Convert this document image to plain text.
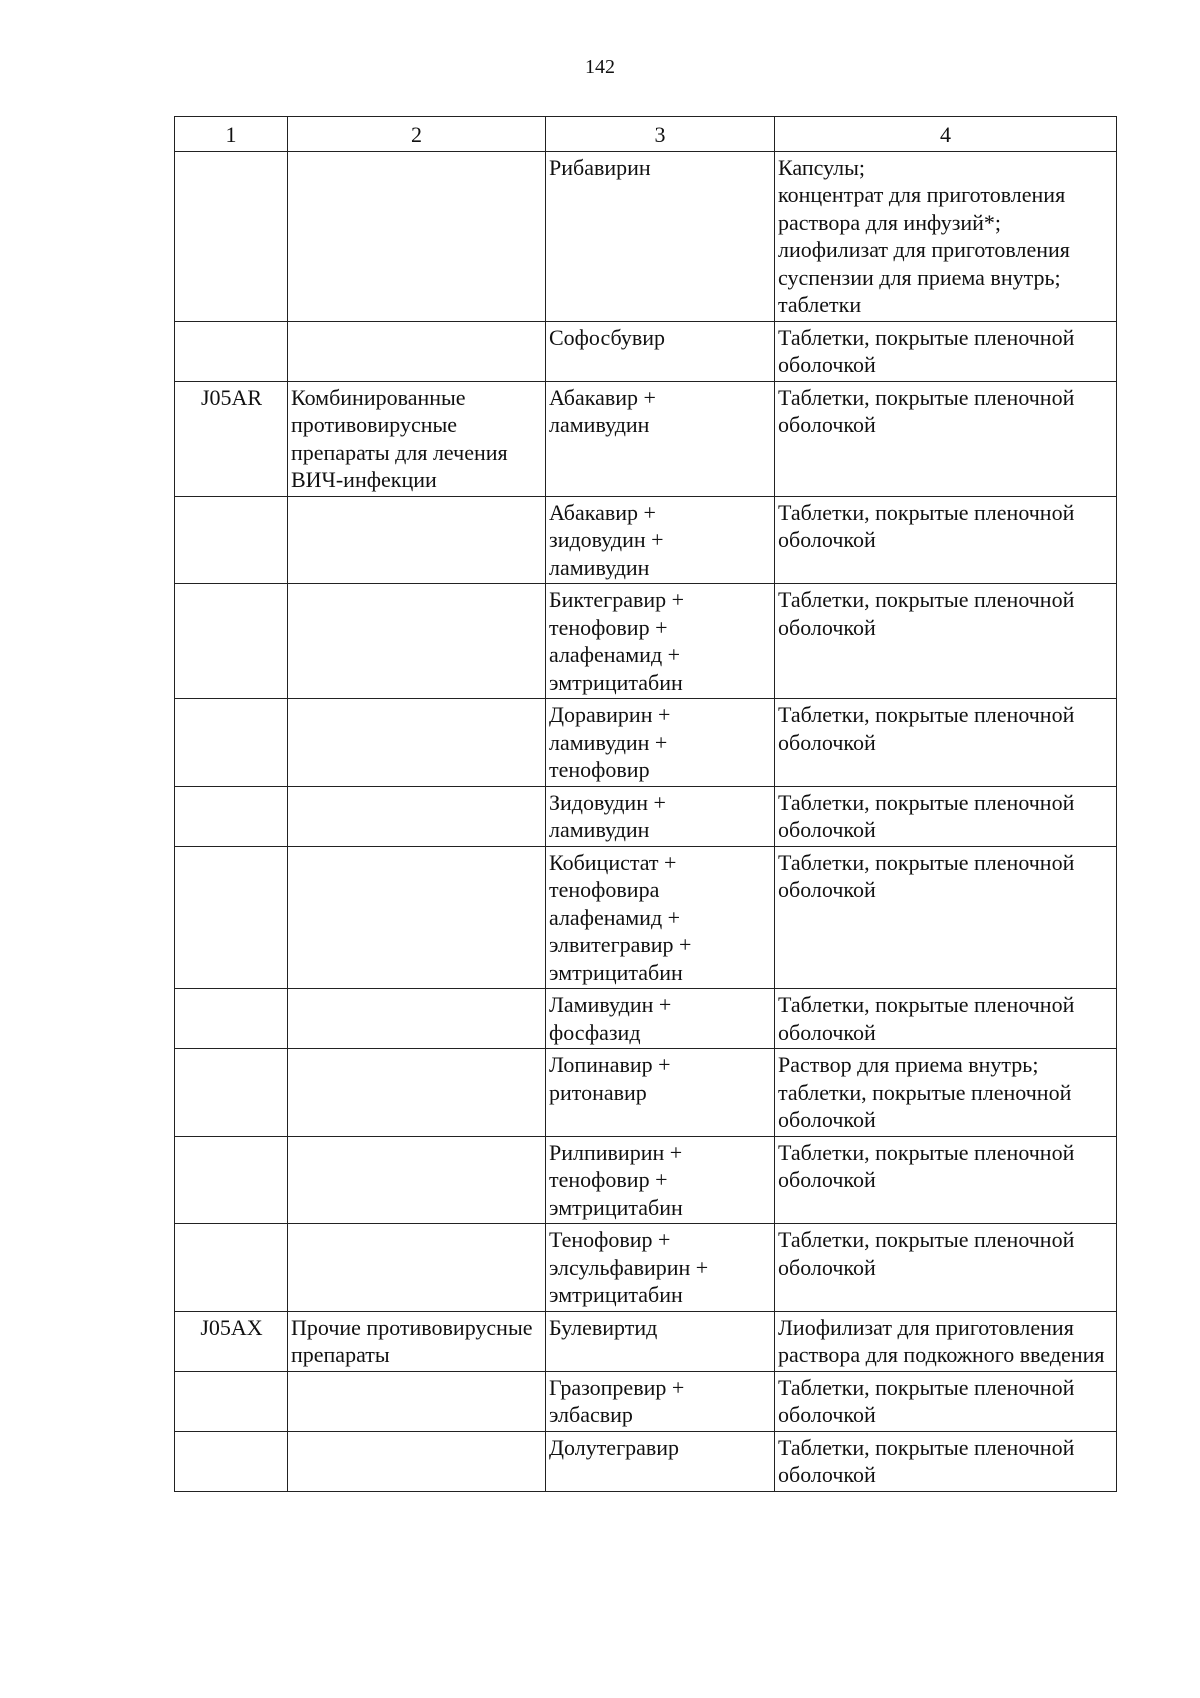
142
1	2	3	4
		Рибавирин	Капсулы;
концентрат для приготовления раствора для инфузий*;
лиофилизат для приготовления суспензии для приема внутрь;
таблетки
		Софосбувир	Таблетки, покрытые пленочной оболочкой
J05AR	Комбинированные противовирусные препараты для лечения ВИЧ-инфекции	Абакавир +
ламивудин	Таблетки, покрытые пленочной оболочкой
		Абакавир +
зидовудин +
ламивудин	Таблетки, покрытые пленочной оболочкой
		Биктегравир +
тенофовир +
алафенамид +
эмтрицитабин	Таблетки, покрытые пленочной оболочкой
		Доравирин +
ламивудин +
тенофовир	Таблетки, покрытые пленочной оболочкой
		Зидовудин +
ламивудин	Таблетки, покрытые пленочной оболочкой
		Кобицистат +
тенофовира
алафенамид +
элвитегравир +
эмтрицитабин	Таблетки, покрытые пленочной оболочкой
		Ламивудин +
фосфазид	Таблетки, покрытые пленочной оболочкой
		Лопинавир +
ритонавир	Раствор для приема внутрь;
таблетки, покрытые пленочной оболочкой
		Рилпивирин +
тенофовир +
эмтрицитабин	Таблетки, покрытые пленочной оболочкой
		Тенофовир +
элсульфавирин +
эмтрицитабин	Таблетки, покрытые пленочной оболочкой
J05AX	Прочие противовирусные препараты	Булевиртид	Лиофилизат для приготовления раствора для подкожного введения
		Гразопревир +
элбасвир	Таблетки, покрытые пленочной оболочкой
		Долутегравир	Таблетки, покрытые пленочной оболочкой
